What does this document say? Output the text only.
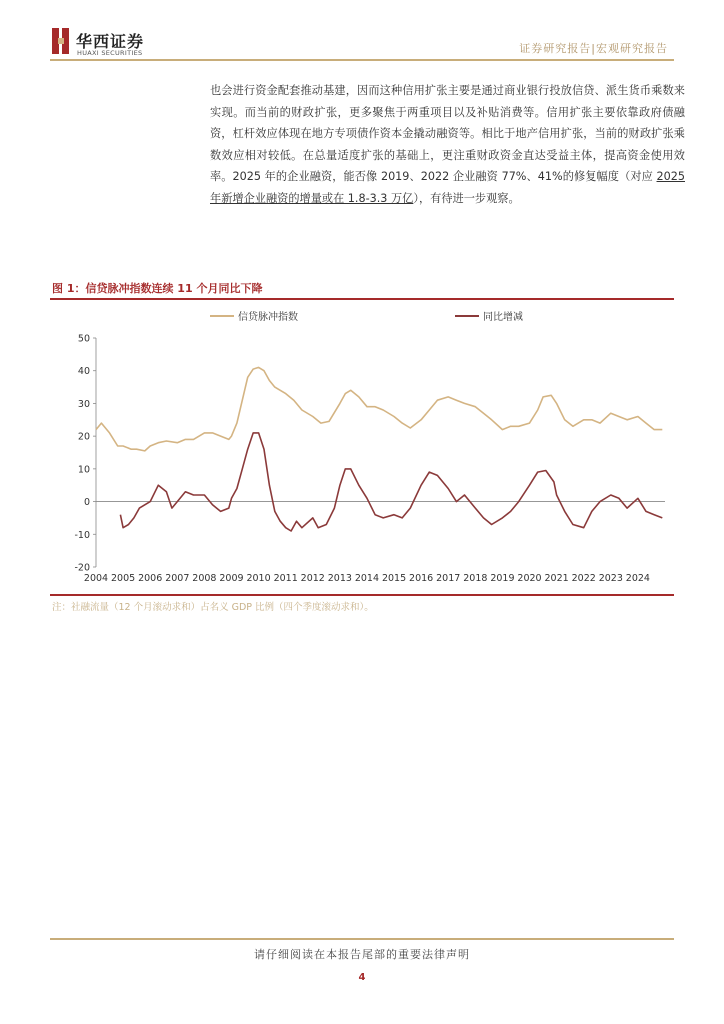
华西证券
HUAXI SECURITIES	证券研究报告|宏观研究报告

也会进行资金配套推动基建，因而这种信用扩张主要是通过商业银行投放信贷、派生货币乘数来实现。而当前的财政扩张，更多聚焦于两重项目以及补贴消费等。信用扩张主要依靠政府债融资，杠杆效应体现在地方专项债作资本金撬动融资等。相比于地产信用扩张，当前的财政扩张乘数效应相对较低。在总量适度扩张的基础上，更注重财政资金直达受益主体，提高资金使用效率。2025 年的企业融资，能否像 2019、2022 企业融资 77%、41%的修复幅度（对应 2025 年新增企业融资的增量或在 1.8-3.3 万亿），有待进一步观察。

图 1：信贷脉冲指数连续 11 个月同比下降
-20
-10
0
10
20
30
40
50
2004 2005 2006 2007 2008 2009 2010 2011 2012 2013 2014 2015 2016 2017 2018 2019 2020 2021 2022 2023 2024
信贷脉冲指数	同比增减
注：社融流量（12 个月滚动求和）占名义 GDP 比例（四个季度滚动求和）。
请仔细阅读在本报告尾部的重要法律声明
4
